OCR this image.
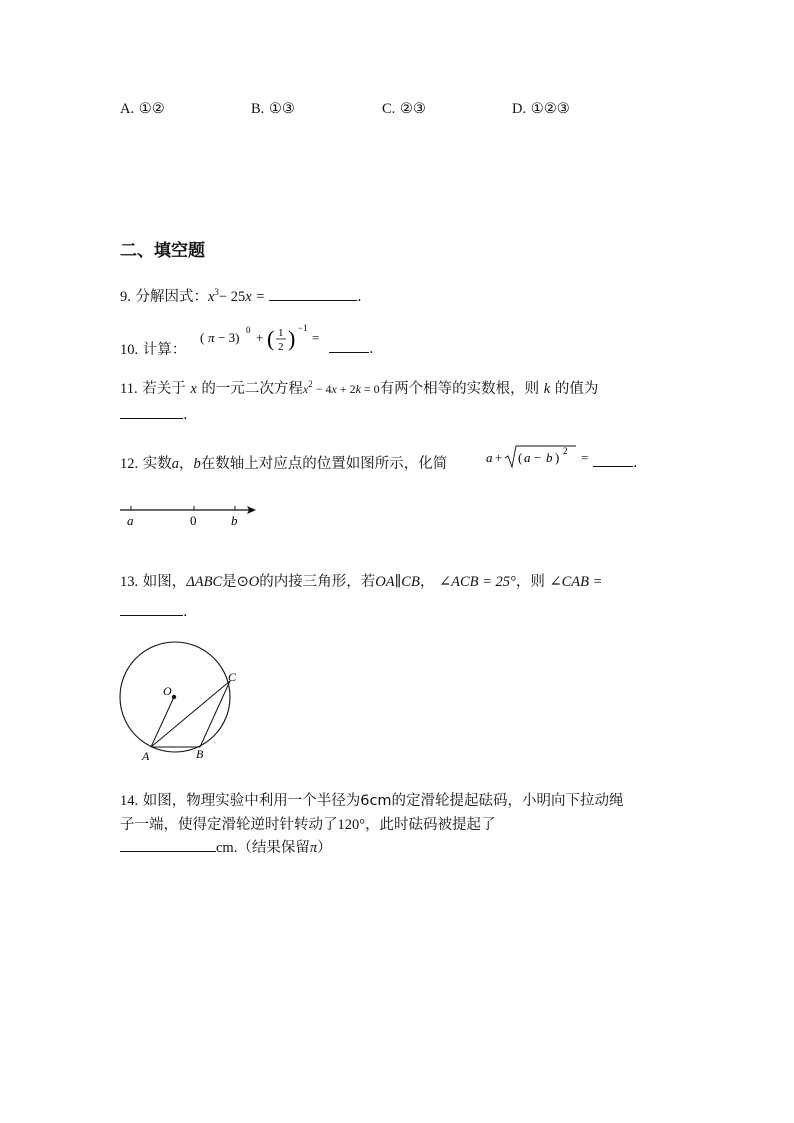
A. ①②	B. ①③	C. ②③	D. ①②③
二、填空题
9. 分解因式：$x^3- 25x$ =	.
10. 计算：
( π − 3) 0 + ( 1
2 ) −1
=
.
11. 若关于 x 的一元二次方程$x^2 - 4x + 2k = 0$有两个相等的实数根，则 k 的值为
.
12. 实数a，b在数轴上对应点的位置如图所示，化简	a + ( a − b ) 2 =	.
a	0	b
13. 如图，ΔABC是⊙O的内接三角形，若OA∥CB， ∠ACB = 25°，则 ∠CAB =
.
O
C
A	B
14. 如图，物理实验中利用一个半径为6cm的定滑轮提起砝码，小明向下拉动绳
子一端，使得定滑轮逆时针转动了120°，此时砝码被提起了
cm.（结果保留π）
